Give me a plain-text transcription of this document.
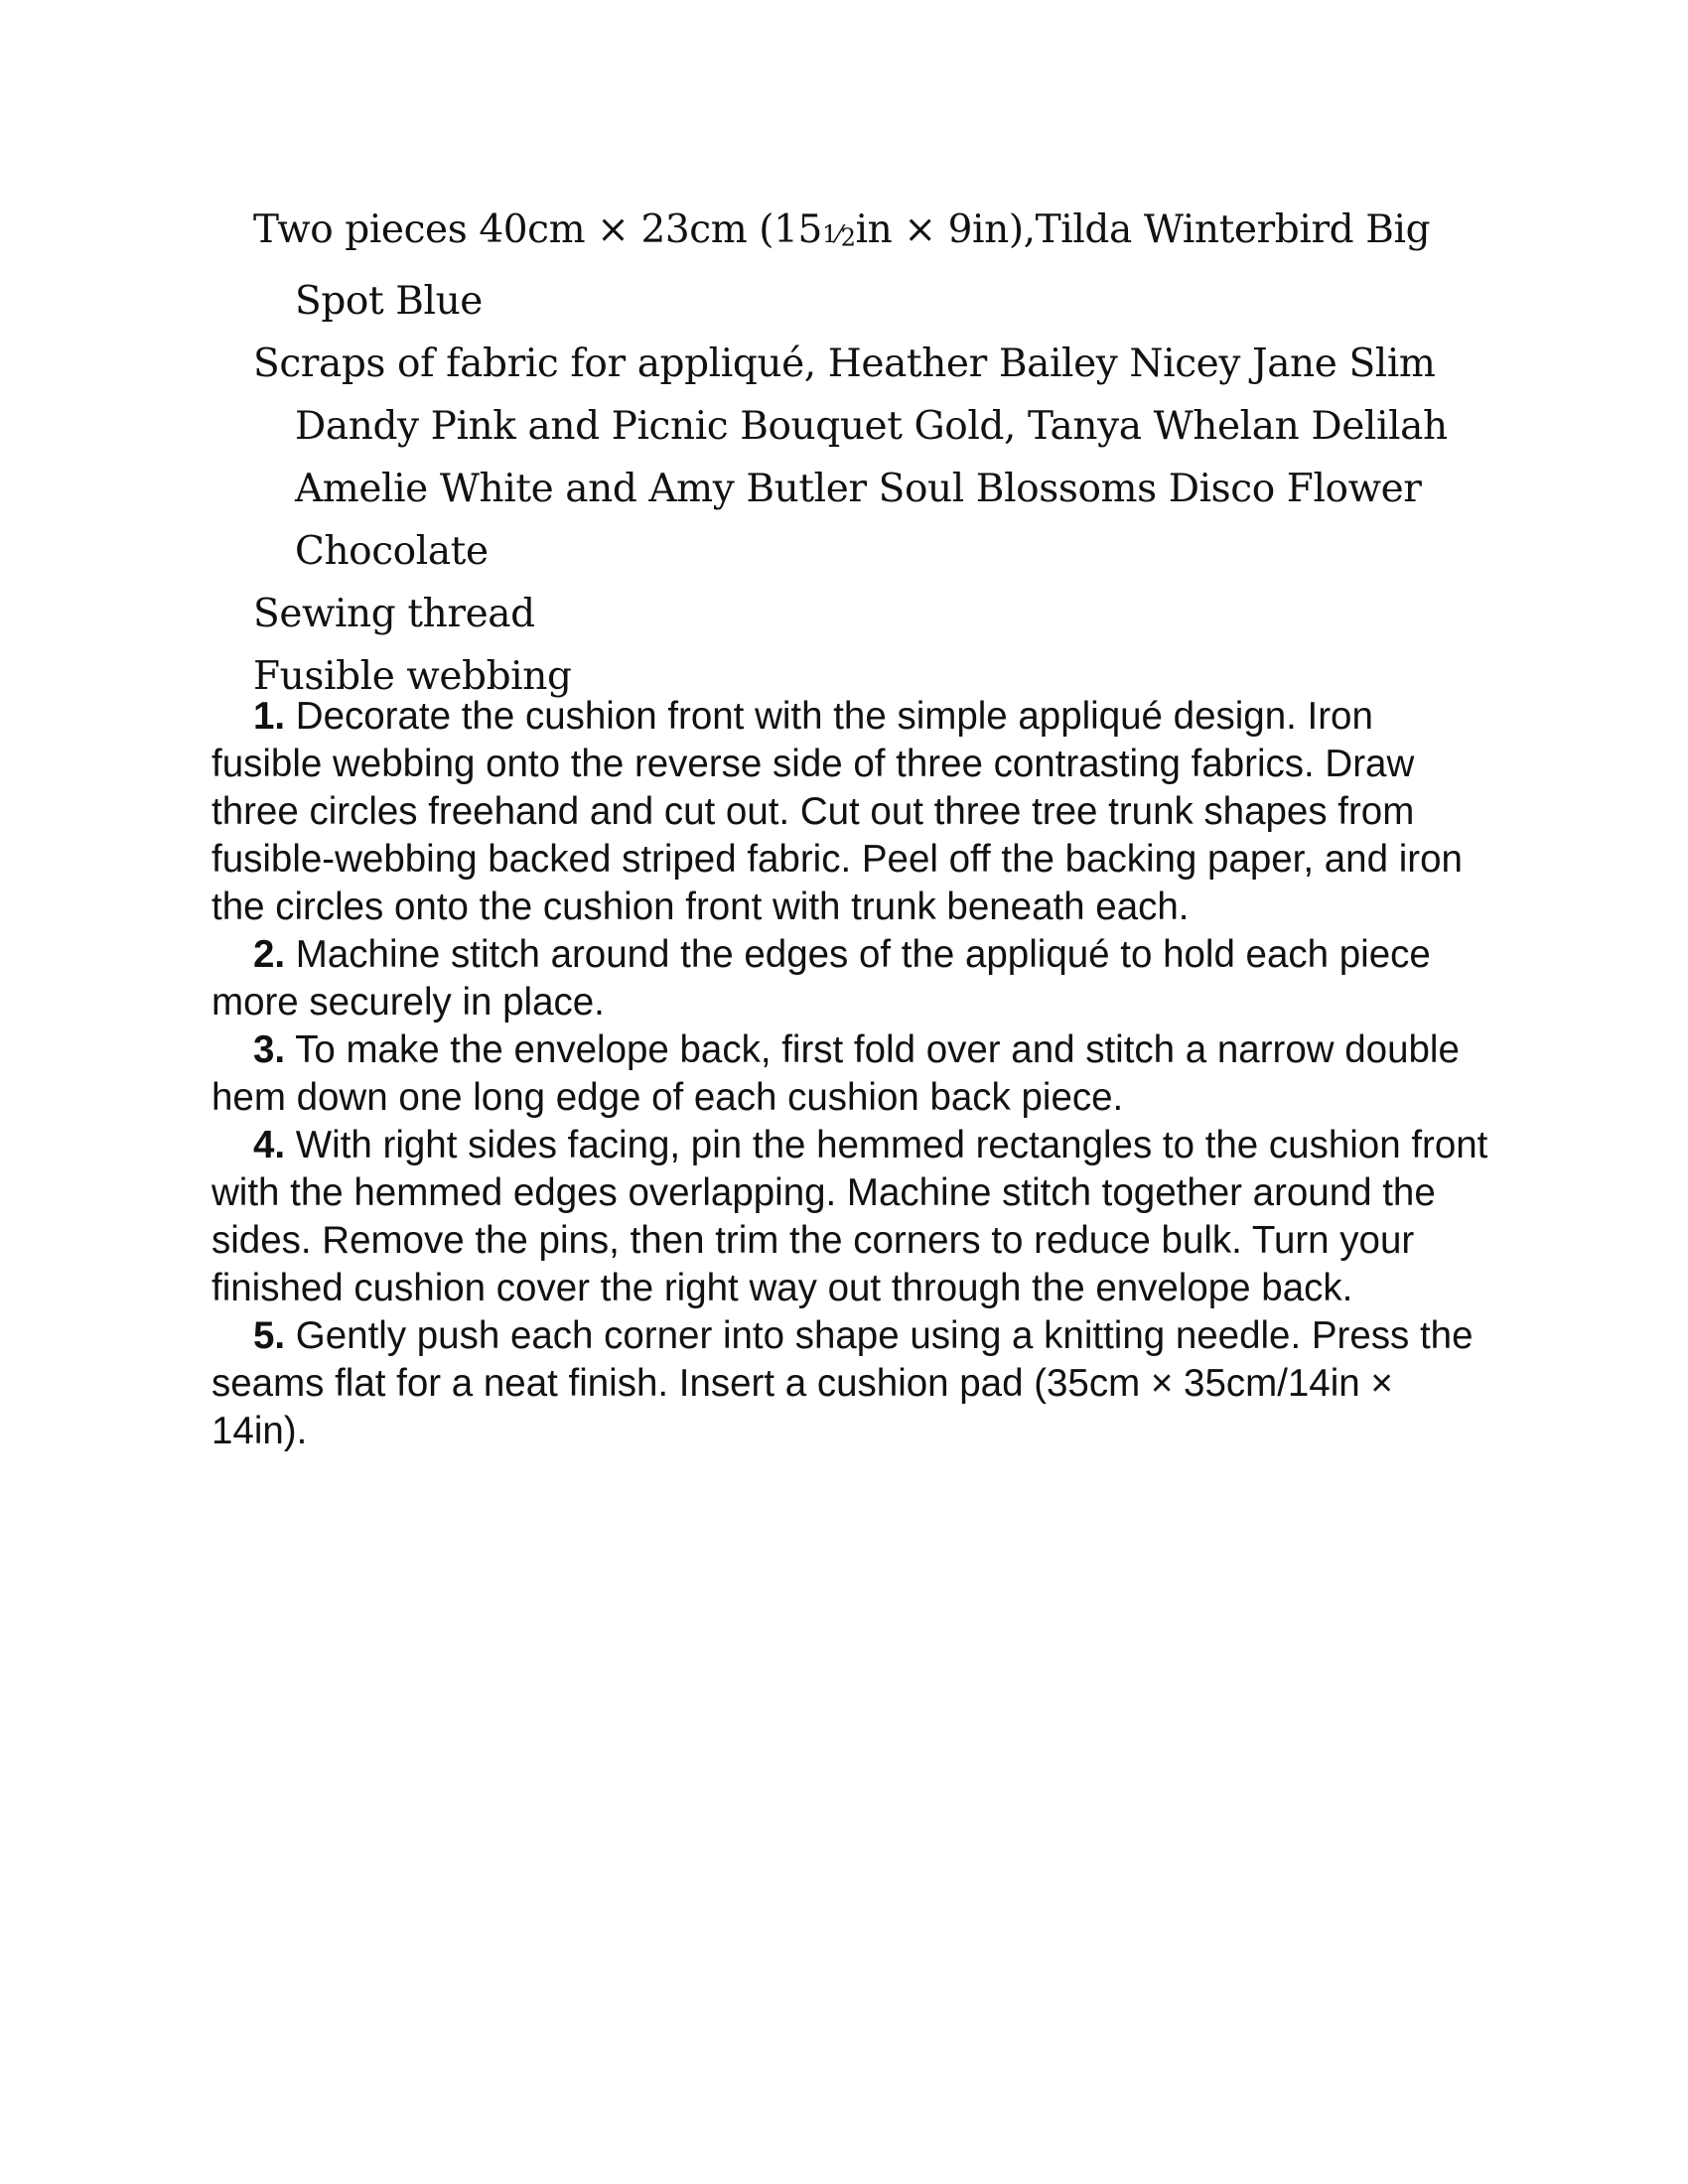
Two pieces 40cm × 23cm (151⁄2in × 9in),Tilda Winterbird Big Spot Blue

Scraps of fabric for appliqué, Heather Bailey Nicey Jane Slim Dandy Pink and Picnic Bouquet Gold, Tanya Whelan Delilah Amelie White and Amy Butler Soul Blossoms Disco Flower Chocolate

Sewing thread

Fusible webbing

1. Decorate the cushion front with the simple appliqué design. Iron fusible webbing onto the reverse side of three contrasting fabrics. Draw three circles freehand and cut out. Cut out three tree trunk shapes from fusible-webbing backed striped fabric. Peel off the backing paper, and iron the circles onto the cushion front with trunk beneath each.

2. Machine stitch around the edges of the appliqué to hold each piece more securely in place.

3. To make the envelope back, first fold over and stitch a narrow double hem down one long edge of each cushion back piece.

4. With right sides facing, pin the hemmed rectangles to the cushion front with the hemmed edges overlapping. Machine stitch together around the sides. Remove the pins, then trim the corners to reduce bulk. Turn your finished cushion cover the right way out through the envelope back.

5. Gently push each corner into shape using a knitting needle. Press the seams flat for a neat finish. Insert a cushion pad (35cm × 35cm/14in × 14in).
